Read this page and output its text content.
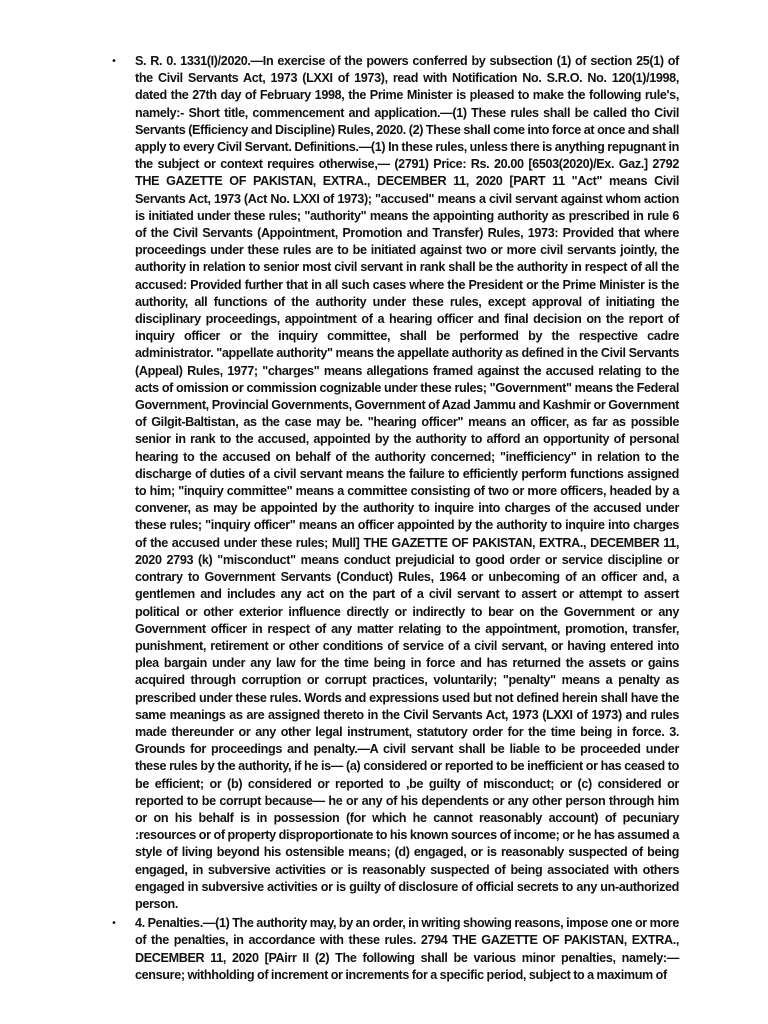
• S. R. 0. 1331(I)/2020.—In exercise of the powers conferred by subsection (1) of section 25(1) of the Civil Servants Act, 1973 (LXXI of 1973), read with Notification No. S.R.O. No. 120(1)/1998, dated the 27th day of February 1998, the Prime Minister is pleased to make the following rule's, namely:- Short title, commencement and application.—(1) These rules shall be called tho Civil Servants (Efficiency and Discipline) Rules, 2020. (2) These shall come into force at once and shall apply to every Civil Servant. Definitions.—(1) In these rules, unless there is anything repugnant in the subject or context requires otherwise,— (2791) Price: Rs. 20.00 [6503(2020)/Ex. Gaz.] 2792 THE GAZETTE OF PAKISTAN, EXTRA., DECEMBER 11, 2020 [PART 11 "Act" means Civil Servants Act, 1973 (Act No. LXXI of 1973); "accused" means a civil servant against whom action is initiated under these rules; "authority" means the appointing authority as prescribed in rule 6 of the Civil Servants (Appointment, Promotion and Transfer) Rules, 1973: Provided that where proceedings under these rules are to be initiated against two or more civil servants jointly, the authority in relation to senior most civil servant in rank shall be the authority in respect of all the accused: Provided further that in all such cases where the President or the Prime Minister is the authority, all functions of the authority under these rules, except approval of initiating the disciplinary proceedings, appointment of a hearing officer and final decision on the report of inquiry officer or the inquiry committee, shall be performed by the respective cadre administrator. "appellate authority" means the appellate authority as defined in the Civil Servants (Appeal) Rules, 1977; "charges" means allegations framed against the accused relating to the acts of omission or commission cognizable under these rules; "Government" means the Federal Government, Provincial Governments, Government of Azad Jammu and Kashmir or Government of Gilgit-Baltistan, as the case may be. "hearing officer" means an officer, as far as possible senior in rank to the accused, appointed by the authority to afford an opportunity of personal hearing to the accused on behalf of the authority concerned; "inefficiency" in relation to the discharge of duties of a civil servant means the failure to efficiently perform functions assigned to him; "inquiry committee" means a committee consisting of two or more officers, headed by a convener, as may be appointed by the authority to inquire into charges of the accused under these rules; "inquiry officer" means an officer appointed by the authority to inquire into charges of the accused under these rules; Mull] THE GAZETTE OF PAKISTAN, EXTRA., DECEMBER 11, 2020 2793 (k) "misconduct" means conduct prejudicial to good order or service discipline or contrary to Government Servants (Conduct) Rules, 1964 or unbecoming of an officer and, a gentlemen and includes any act on the part of a civil servant to assert or attempt to assert political or other exterior influence directly or indirectly to bear on the Government or any Government officer in respect of any matter relating to the appointment, promotion, transfer, punishment, retirement or other conditions of service of a civil servant, or having entered into plea bargain under any law for the time being in force and has returned the assets or gains acquired through corruption or corrupt practices, voluntarily; "penalty" means a penalty as prescribed under these rules. Words and expressions used but not defined herein shall have the same meanings as are assigned thereto in the Civil Servants Act, 1973 (LXXI of 1973) and rules made thereunder or any other legal instrument, statutory order for the time being in force. 3. Grounds for proceedings and penalty.—A civil servant shall be liable to be proceeded under these rules by the authority, if he is— (a) considered or reported to be inefficient or has ceased to be efficient; or (b) considered or reported to ,be guilty of misconduct; or (c) considered or reported to be corrupt because— he or any of his dependents or any other person through him or on his behalf is in possession (for which he cannot reasonably account) of pecuniary :resources or of property disproportionate to his known sources of income; or he has assumed a style of living beyond his ostensible means; (d) engaged, or is reasonably suspected of being engaged, in subversive activities or is reasonably suspected of being associated with others engaged in subversive activities or is guilty of disclosure of official secrets to any un-authorized person.

• 4. Penalties.—(1) The authority may, by an order, in writing showing reasons, impose one or more of the penalties, in accordance with these rules. 2794 THE GAZETTE OF PAKISTAN, EXTRA., DECEMBER 11, 2020 [PAirr II (2) The following shall be various minor penalties, namely:— censure; withholding of increment or increments for a specific period, subject to a maximum of
